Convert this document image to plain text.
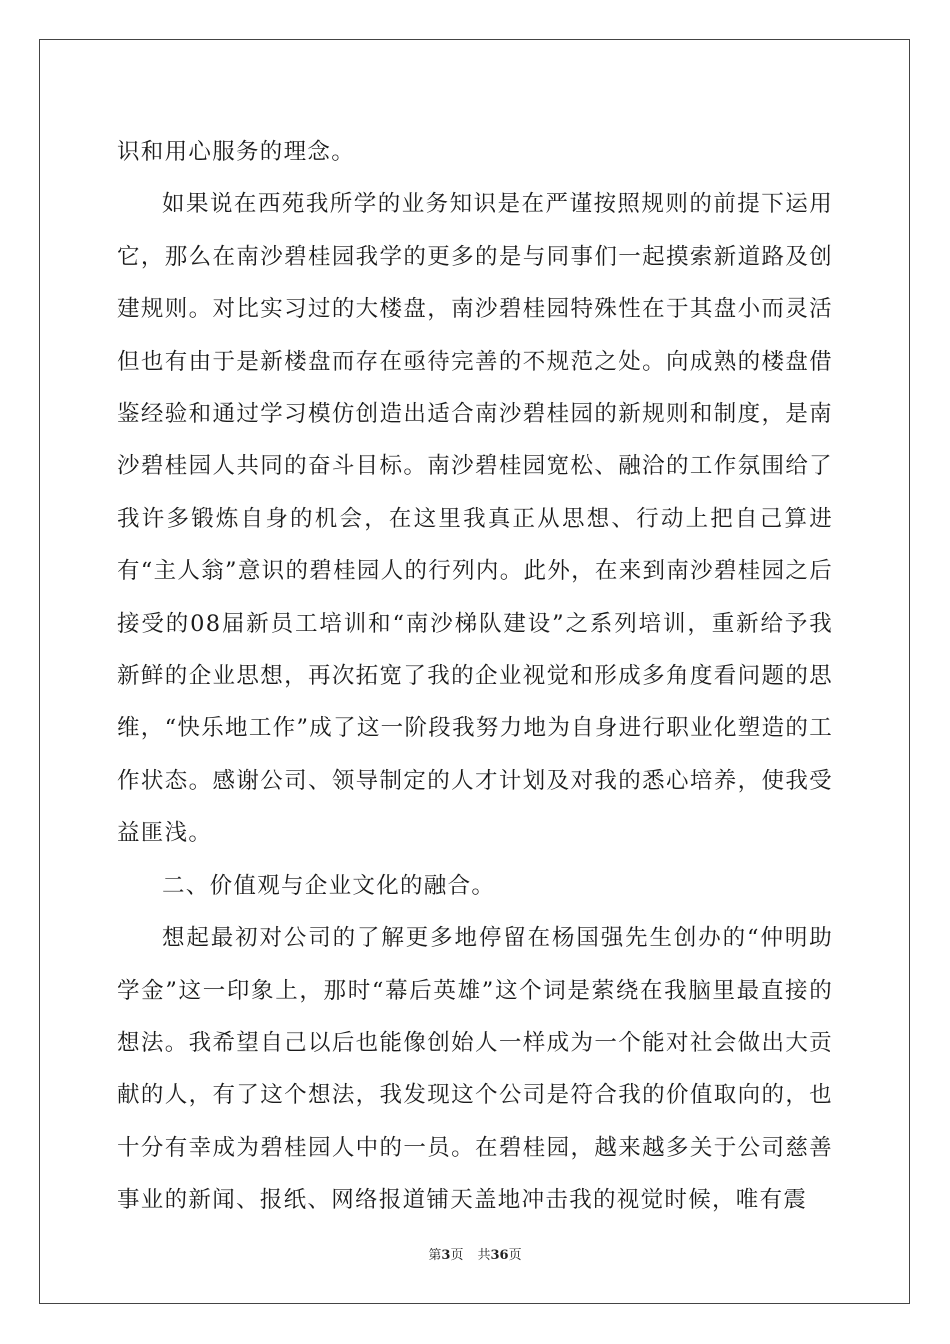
识和用心服务的理念。

如果说在西苑我所学的业务知识是在严谨按照规则的前提下运用它，那么在南沙碧桂园我学的更多的是与同事们一起摸索新道路及创建规则。对比实习过的大楼盘，南沙碧桂园特殊性在于其盘小而灵活但也有由于是新楼盘而存在亟待完善的不规范之处。向成熟的楼盘借鉴经验和通过学习模仿创造出适合南沙碧桂园的新规则和制度，是南沙碧桂园人共同的奋斗目标。南沙碧桂园宽松、融洽的工作氛围给了我许多锻炼自身的机会，在这里我真正从思想、行动上把自己算进有“主人翁”意识的碧桂园人的行列内。此外，在来到南沙碧桂园之后接受的08届新员工培训和“南沙梯队建设”之系列培训，重新给予我新鲜的企业思想，再次拓宽了我的企业视觉和形成多角度看问题的思维，“快乐地工作”成了这一阶段我努力地为自身进行职业化塑造的工作状态。感谢公司、领导制定的人才计划及对我的悉心培养，使我受益匪浅。

二、价值观与企业文化的融合。

想起最初对公司的了解更多地停留在杨国强先生创办的“仲明助学金”这一印象上，那时“幕后英雄”这个词是萦绕在我脑里最直接的想法。我希望自己以后也能像创始人一样成为一个能对社会做出大贡献的人，有了这个想法，我发现这个公司是符合我的价值取向的，也十分有幸成为碧桂园人中的一员。在碧桂园，越来越多关于公司慈善事业的新闻、报纸、网络报道铺天盖地冲击我的视觉时候，唯有震

第3页 共36页
